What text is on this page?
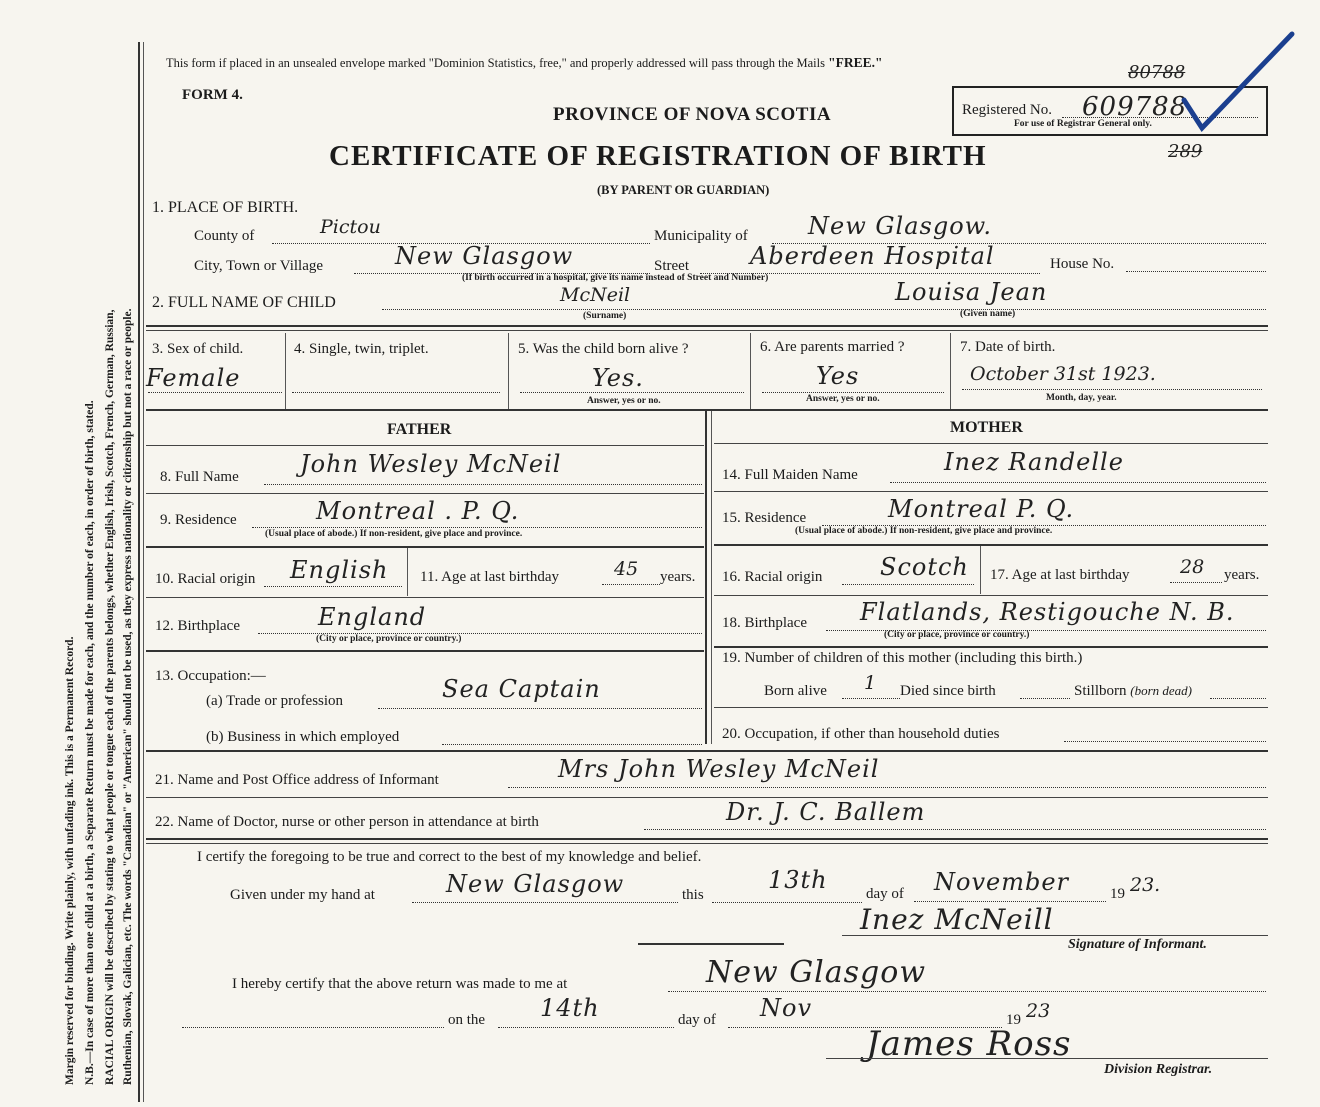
Margin reserved for binding. Write plainly, with unfading ink. This is a Permanent Record. N.B.—In case of more than one child at a birth, a Separate Return must be made for each, and the number of each, in order of birth, stated. RACIAL ORIGIN will be described by stating to what people or tongue each of the parents belongs, whether English, Irish, Scotch, French, German, Russian, Ruthenian, Slovak, Galician, etc. The words "Canadian" or "American" should not be used, as they express nationality or citizenship but not a race or people.
This form if placed in an unsealed envelope marked "Dominion Statistics, free," and properly addressed will pass through the Mails "FREE."
FORM 4.
PROVINCE OF NOVA SCOTIA
CERTIFICATE OF REGISTRATION OF BIRTH
(BY PARENT OR GUARDIAN)
Registered No. 609788
For use of Registrar General only.
80788
289
1. PLACE OF BIRTH.
County of	Pictou	Municipality of	New Glasgow.
City, Town or Village	New Glasgow	Street	Aberdeen Hospital	House No.
(If birth occurred in a hospital, give its name instead of Street and Number)
2. FULL NAME OF CHILD	McNeil
(Surname)
Louisa Jean
(Given name)
3. Sex of child.
Female
4. Single, twin, triplet.	5. Was the child born alive ?
Yes.
Answer, yes or no.
6. Are parents married ?
Yes
Answer, yes or no.
7. Date of birth.
October 31st 1923.
Month, day, year.
FATHER
8. Full Name	John Wesley McNeil
9. Residence	Montreal . P. Q.
(Usual place of abode.) If non-resident, give place and province.
10. Racial origin English 11. Age at last birthday	45 years.
12. Birthplace	England
(City or place, province or country.)
13. Occupation:—
(a) Trade or profession	Sea Captain
(b) Business in which employed
MOTHER
14. Full Maiden Name	Inez Randelle
15. Residence	Montreal P. Q.
(Usual place of abode.) If non-resident, give place and province.
16. Racial origin Scotch 17. Age at last birthday	28 years.
18. Birthplace Flatlands, Restigouche N. B.
(City or place, province or country.)
19. Number of children of this mother (including this birth.)
Born alive 1 Died since birth	Stillborn (born dead)
20. Occupation, if other than household duties
21. Name and Post Office address of Informant	Mrs John Wesley McNeil
22. Name of Doctor, nurse or other person in attendance at birth	Dr. J. C. Ballem
I certify the foregoing to be true and correct to the best of my knowledge and belief.
Given under my hand at	New Glasgow	this
13th	day of November	19 23.
Inez McNeill
Signature of Informant.
I hereby certify that the above return was made to me at	New Glasgow
on the 14th	day of Nov	19 23
James Ross
Division Registrar.
